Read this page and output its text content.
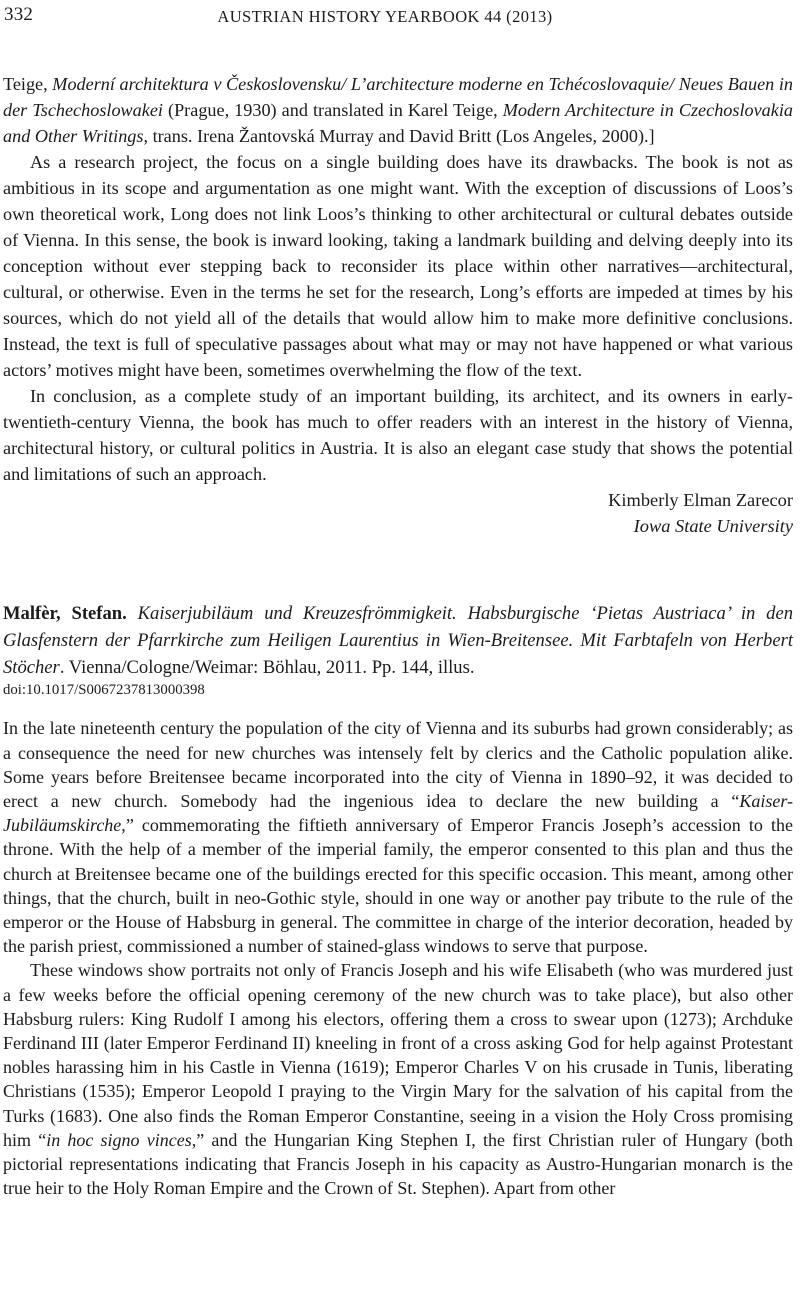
332	AUSTRIAN HISTORY YEARBOOK 44 (2013)

Teige, Moderní architektura v Československu/ L’architecture moderne en Tchécoslovaquie/ Neues Bauen in der Tschechoslowakei (Prague, 1930) and translated in Karel Teige, Modern Architecture in Czechoslovakia and Other Writings, trans. Irena Žantovská Murray and David Britt (Los Angeles, 2000).]

As a research project, the focus on a single building does have its drawbacks. The book is not as ambitious in its scope and argumentation as one might want. With the exception of discussions of Loos’s own theoretical work, Long does not link Loos’s thinking to other architectural or cultural debates outside of Vienna. In this sense, the book is inward looking, taking a landmark building and delving deeply into its conception without ever stepping back to reconsider its place within other narratives—architectural, cultural, or otherwise. Even in the terms he set for the research, Long’s efforts are impeded at times by his sources, which do not yield all of the details that would allow him to make more definitive conclusions. Instead, the text is full of speculative passages about what may or may not have happened or what various actors’ motives might have been, sometimes overwhelming the flow of the text.

In conclusion, as a complete study of an important building, its architect, and its owners in early-twentieth-century Vienna, the book has much to offer readers with an interest in the history of Vienna, architectural history, or cultural politics in Austria. It is also an elegant case study that shows the potential and limitations of such an approach.

Kimberly Elman Zarecor
Iowa State University
Malfèr, Stefan. Kaiserjubiläum und Kreuzesfrömmigkeit. Habsburgische ‘Pietas Austriaca’ in den Glasfenstern der Pfarrkirche zum Heiligen Laurentius in Wien-Breitensee. Mit Farbtafeln von Herbert Stöcher. Vienna/Cologne/Weimar: Böhlau, 2011. Pp. 144, illus.
doi:10.1017/S0067237813000398

In the late nineteenth century the population of the city of Vienna and its suburbs had grown considerably; as a consequence the need for new churches was intensely felt by clerics and the Catholic population alike. Some years before Breitensee became incorporated into the city of Vienna in 1890–92, it was decided to erect a new church. Somebody had the ingenious idea to declare the new building a “Kaiser-Jubiläumskirche,” commemorating the fiftieth anniversary of Emperor Francis Joseph’s accession to the throne. With the help of a member of the imperial family, the emperor consented to this plan and thus the church at Breitensee became one of the buildings erected for this specific occasion. This meant, among other things, that the church, built in neo-Gothic style, should in one way or another pay tribute to the rule of the emperor or the House of Habsburg in general. The committee in charge of the interior decoration, headed by the parish priest, commissioned a number of stained-glass windows to serve that purpose.

These windows show portraits not only of Francis Joseph and his wife Elisabeth (who was murdered just a few weeks before the official opening ceremony of the new church was to take place), but also other Habsburg rulers: King Rudolf I among his electors, offering them a cross to swear upon (1273); Archduke Ferdinand III (later Emperor Ferdinand II) kneeling in front of a cross asking God for help against Protestant nobles harassing him in his Castle in Vienna (1619); Emperor Charles V on his crusade in Tunis, liberating Christians (1535); Emperor Leopold I praying to the Virgin Mary for the salvation of his capital from the Turks (1683). One also finds the Roman Emperor Constantine, seeing in a vision the Holy Cross promising him “in hoc signo vinces,” and the Hungarian King Stephen I, the first Christian ruler of Hungary (both pictorial representations indicating that Francis Joseph in his capacity as Austro-Hungarian monarch is the true heir to the Holy Roman Empire and the Crown of St. Stephen). Apart from other
